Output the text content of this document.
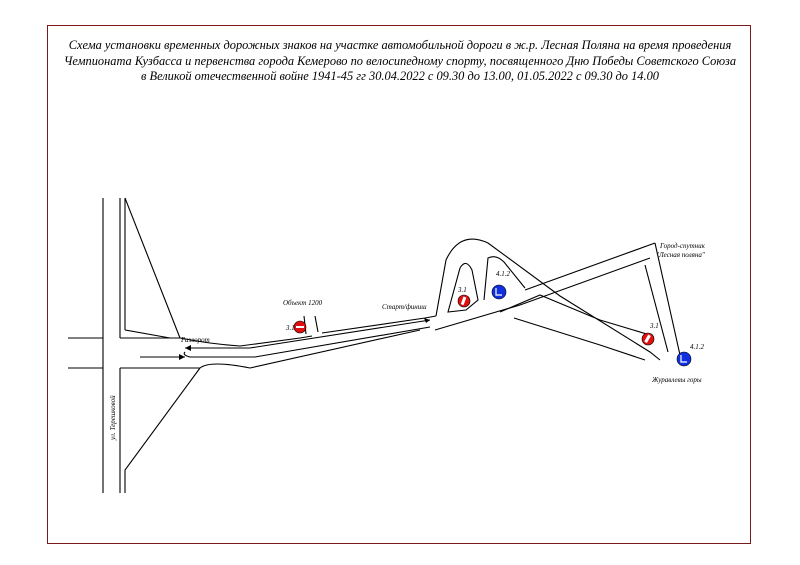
Схема установки временных дорожных знаков на участке автомобильной дороги в ж.р. Лесная Поляна на время проведения Чемпионата Кузбасса и первенства города Кемерово по велосипедному спорту, посвященного Дню Победы Советского Союза в Великой отечественной войне 1941-45 гг 30.04.2022 с 09.30 до 13.00, 01.05.2022 с 09.30 до 14.00
3.1
3.1
4.1.2
3.1
4.1.2
ул. Терешковой
Разворот
Объект 1200	Старт/финиш
Город-спутник
"Лесная поляна"
Журавлевы горы
